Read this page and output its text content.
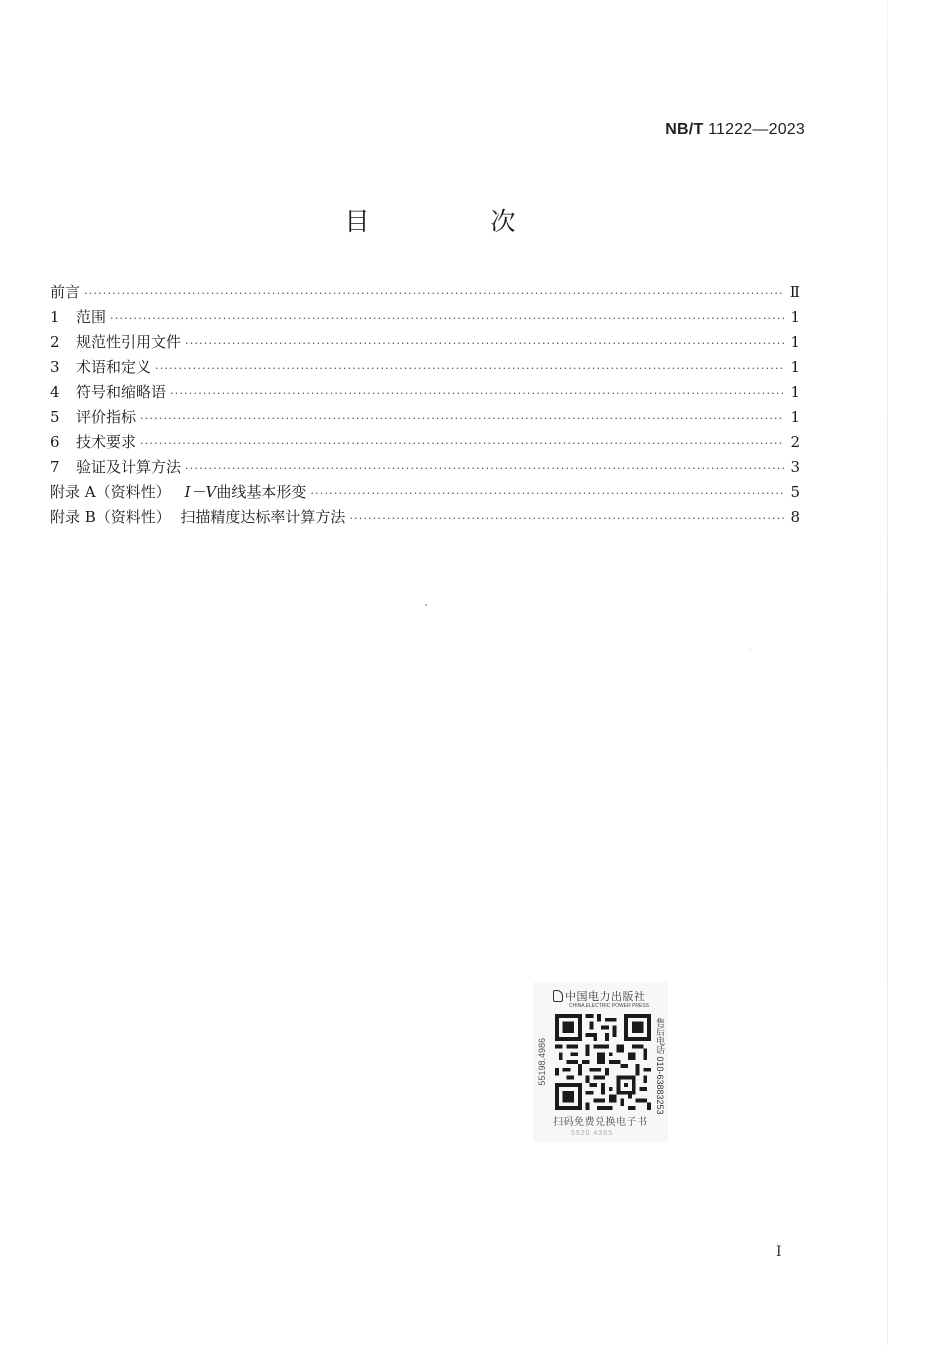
NB/T 11222—2023
目　次
前言 ·····	Ⅱ
1	范围 ·····	1
2	规范性引用文件 ·····	1
3	术语和定义 ·····	1
4	符号和缩略语 ·····	1
5	评价指标 ·····	1
6	技术要求 ·····	2
7	验证及计算方法 ·····	3
附录 A（资料性） I－V曲线基本形变 ·····	5
附录 B（资料性）  扫描精度达标率计算方法 ·····	8
中国电力出版社
CHINA ELECTRIC POWER PRESS
55198.4986	售后电话 010-63883253
扫码免费兑换电子书
5520 4365
I
